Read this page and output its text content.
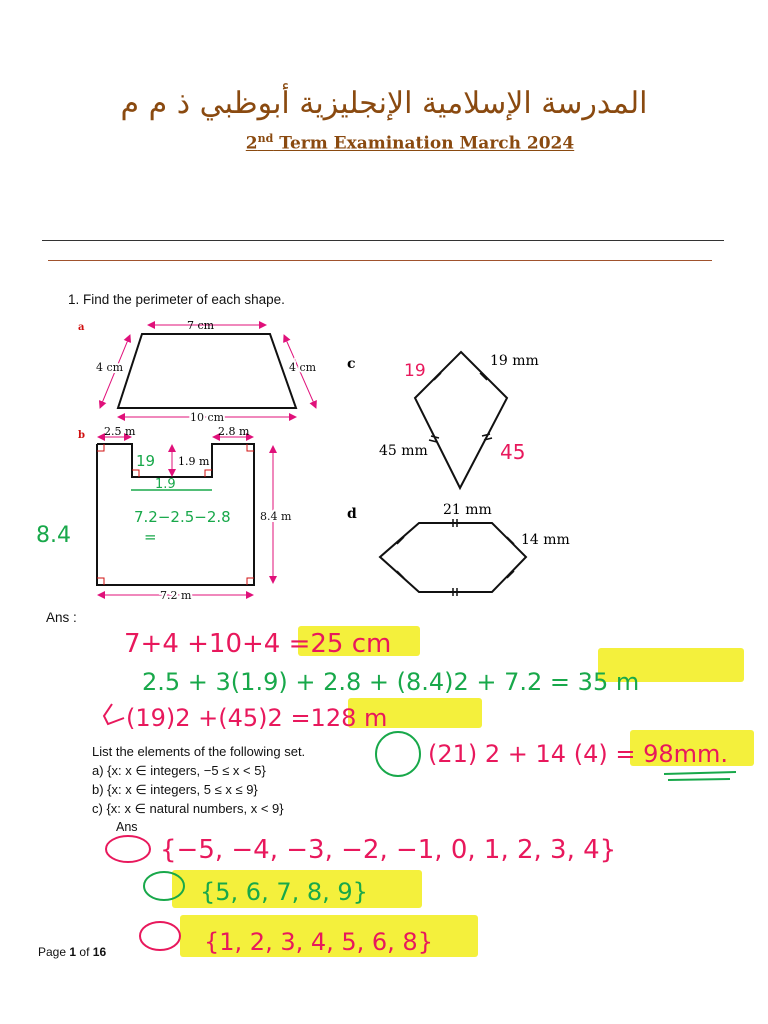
المدرسة الإسلامية الإنجليزية أبوظبي ذ م م
2nd Term Examination March 2024
1. Find the perimeter of each shape.
a	7 cm
4 cm	4 cm
10 cm
b 2.5 m	2.8 m
1.9 m
8.4 m
7.2 m
c	19 mm
45 mm
d	21 mm
14 mm
19
45
19
1.9
7.2−2.5−2.8
=
8.4
7+4 +10+4 =25 cm
2.5 + 3(1.9) + 2.8 + (8.4)2 + 7.2 = 35 m
(19)2 +(45)2 =128 m
(21) 2 + 14 (4) = 98mm.
{−5, −4, −3, −2, −1, 0, 1, 2, 3, 4}
{5, 6, 7, 8, 9}
{1, 2, 3, 4, 5, 6, 8}
Ans :
List the elements of the following set.
a) {x: x ∈ integers, −5 ≤ x < 5}
b) {x: x ∈ integers, 5 ≤ x ≤ 9}
c) {x: x ∈ natural numbers, x < 9}
Ans
Page 1 of 16
